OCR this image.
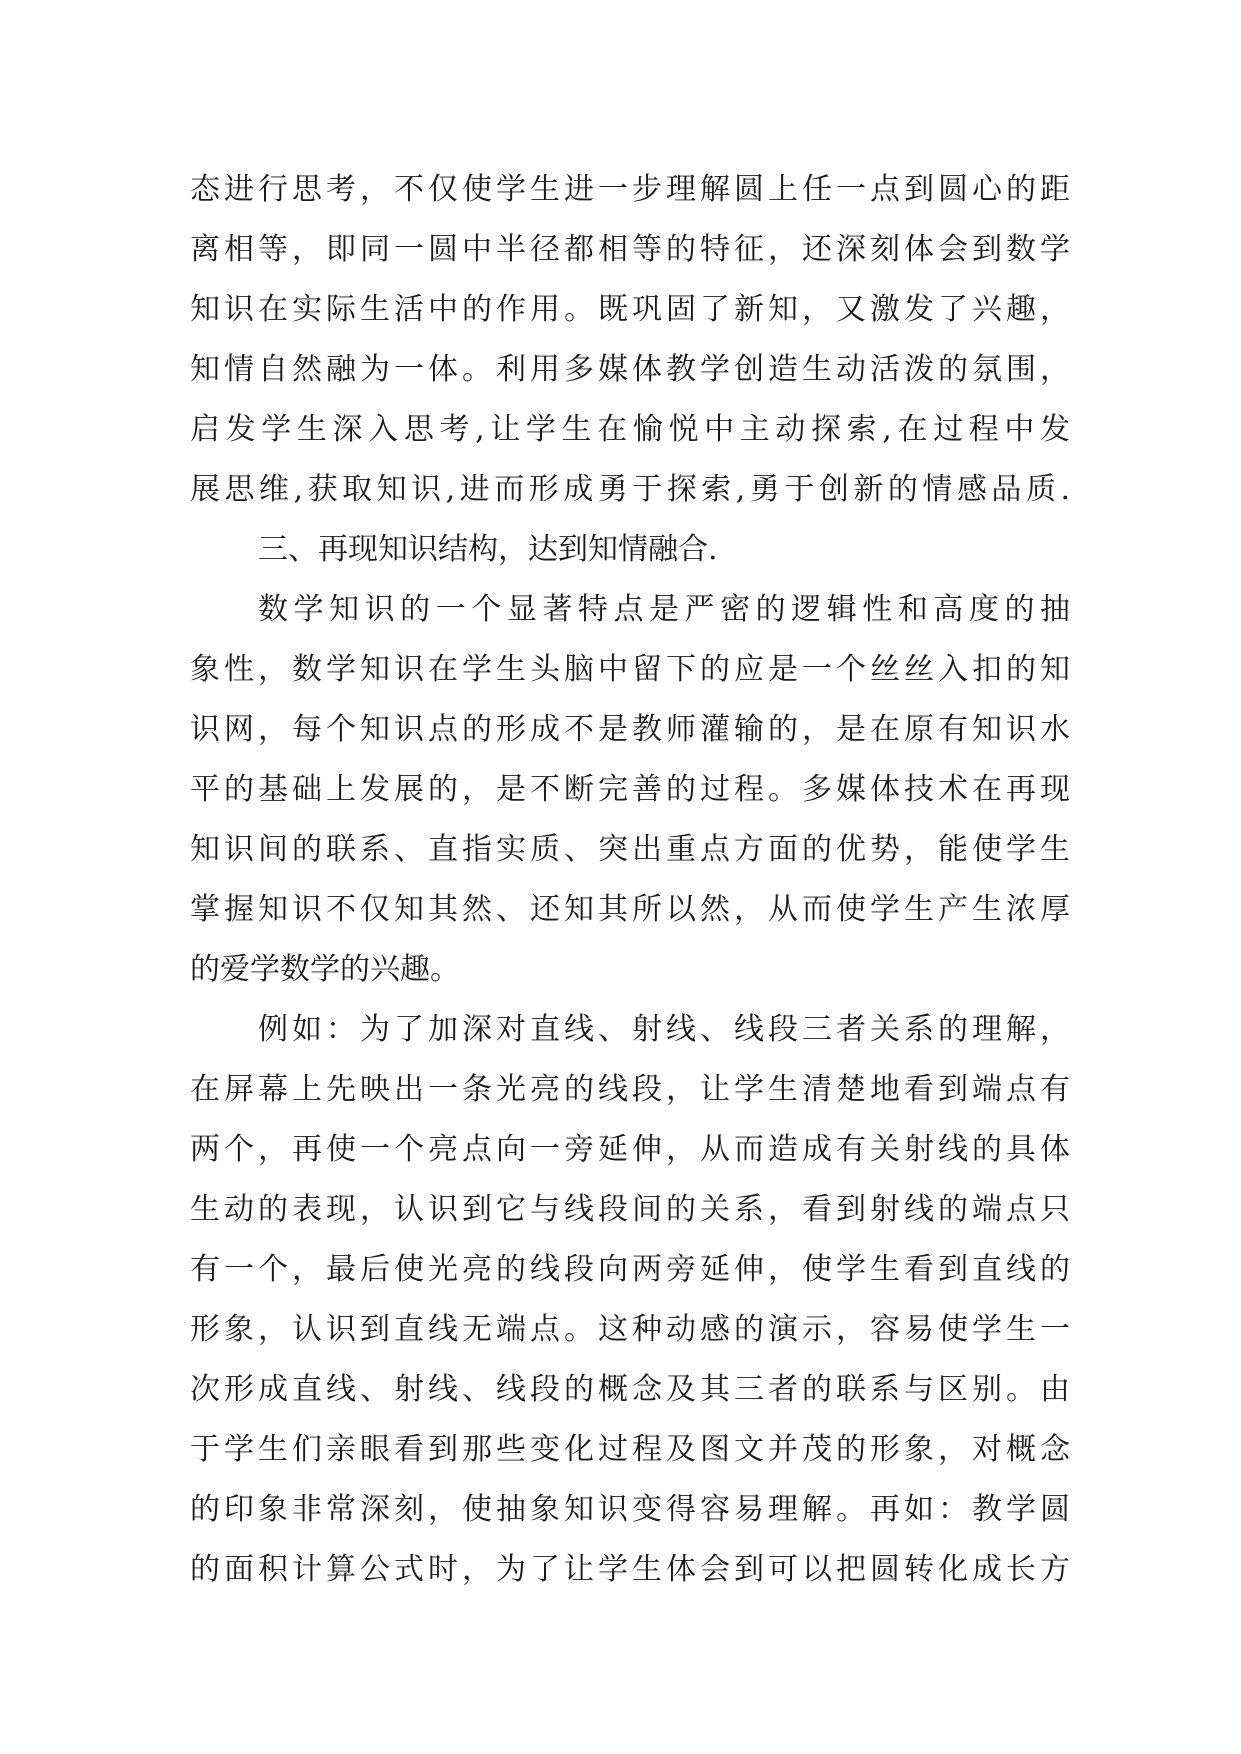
态进行思考，不仅使学生进一步理解圆上任一点到圆心的距
离相等，即同一圆中半径都相等的特征，还深刻体会到数学
知识在实际生活中的作用。既巩固了新知，又激发了兴趣，
知情自然融为一体。利用多媒体教学创造生动活泼的氛围，
启发学生深入思考,让学生在愉悦中主动探索,在过程中发
展思维,获取知识,进而形成勇于探索,勇于创新的情感品质.
三、再现知识结构，达到知情融合.
数学知识的一个显著特点是严密的逻辑性和高度的抽
象性，数学知识在学生头脑中留下的应是一个丝丝入扣的知
识网，每个知识点的形成不是教师灌输的，是在原有知识水
平的基础上发展的，是不断完善的过程。多媒体技术在再现
知识间的联系、直指实质、突出重点方面的优势，能使学生
掌握知识不仅知其然、还知其所以然，从而使学生产生浓厚
的爱学数学的兴趣。
例如：为了加深对直线、射线、线段三者关系的理解，
在屏幕上先映出一条光亮的线段，让学生清楚地看到端点有
两个，再使一个亮点向一旁延伸，从而造成有关射线的具体
生动的表现，认识到它与线段间的关系，看到射线的端点只
有一个，最后使光亮的线段向两旁延伸，使学生看到直线的
形象，认识到直线无端点。这种动感的演示，容易使学生一
次形成直线、射线、线段的概念及其三者的联系与区别。由
于学生们亲眼看到那些变化过程及图文并茂的形象，对概念
的印象非常深刻，使抽象知识变得容易理解。再如：教学圆
的面积计算公式时，为了让学生体会到可以把圆转化成长方
